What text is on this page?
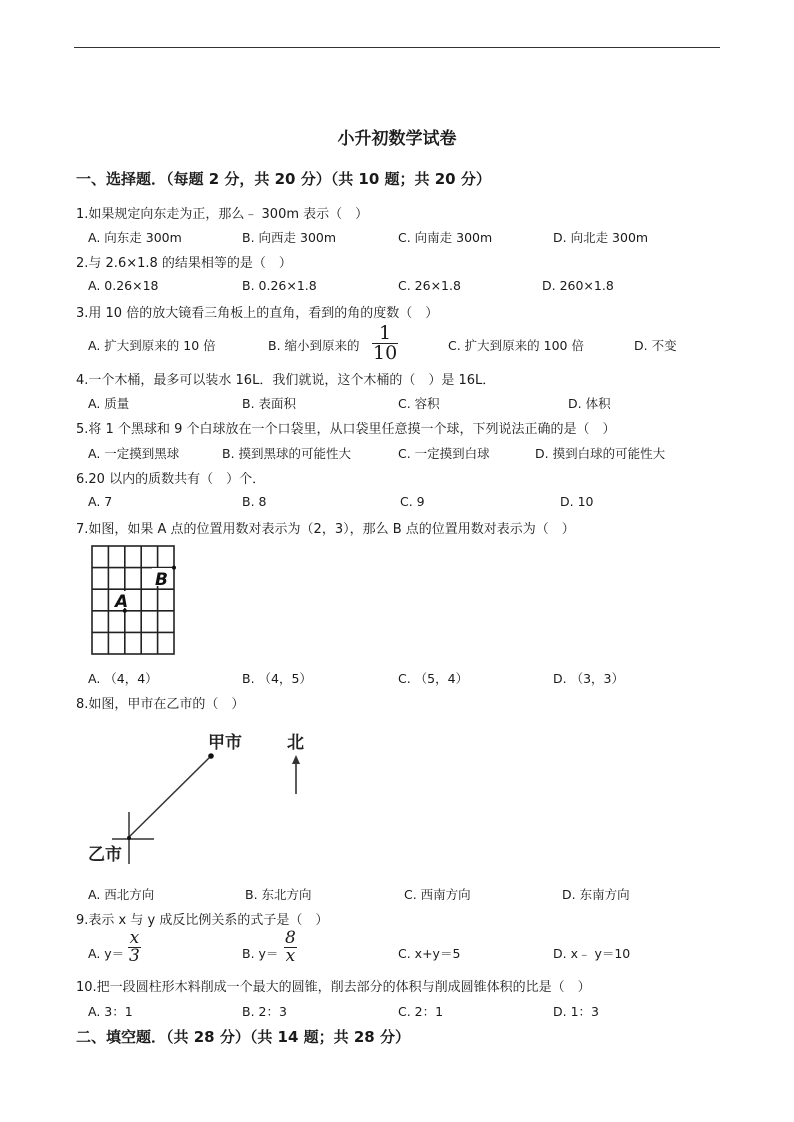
小升初数学试卷
一、选择题．（每题 2 分，共 20 分）（共 10 题；共 20 分）
1.如果规定向东走为正，那么﹣ 300m 表示（　）
A. 向东走 300m	B. 向西走 300m	C. 向南走 300m	D. 向北走 300m
2.与 2.6×1.8 的结果相等的是（　）
A. 0.26×18	B. 0.26×1.8	C. 26×1.8	D. 260×1.8
3.用 10 倍的放大镜看三角板上的直角，看到的角的度数（　）
A. 扩大到原来的 10 倍	B. 缩小到原来的 $\frac{1}{10}$	C. 扩大到原来的 100 倍	D. 不变
4.一个木桶，最多可以装水 16L．我们就说，这个木桶的（　）是 16L．
A. 质量	B. 表面积	C. 容积	D. 体积
5.将 1 个黑球和 9 个白球放在一个口袋里，从口袋里任意摸一个球，下列说法正确的是（　）
A. 一定摸到黑球	B. 摸到黑球的可能性大	C. 一定摸到白球	D. 摸到白球的可能性大
6.20 以内的质数共有（　）个．
A. 7	B. 8	C. 9	D. 10
7.如图，如果 A 点的位置用数对表示为（2，3），那么 B 点的位置用数对表示为（　）
A
B
A. （4，4）	B. （4，5）	C. （5，4）	D. （3，3）
8.如图，甲市在乙市的（　）
甲市
乙市
北
A. 西北方向	B. 东北方向	C. 西南方向	D. 东南方向
9.表示 x 与 y 成反比例关系的式子是（　）
A. $y= \frac{x}{3}$	B. $y= \frac{8}{x}$	C. x+y＝5	D. x﹣ y＝10
10.把一段圆柱形木料削成一个最大的圆锥，削去部分的体积与削成圆锥体积的比是（　）
A. 3：1	B. 2：3	C. 2：1	D. 1：3
二、填空题．（共 28 分）（共 14 题；共 28 分）
